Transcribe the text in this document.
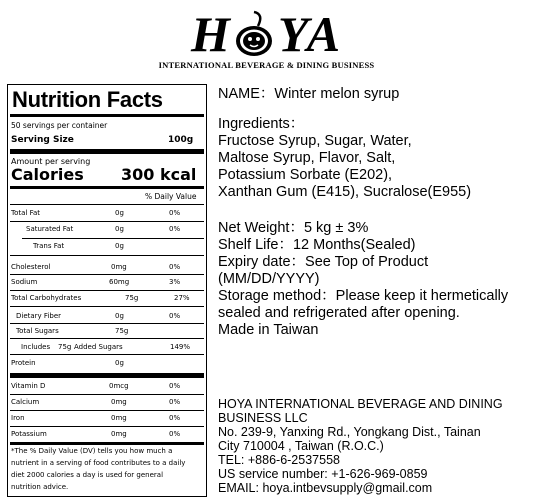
H YA
INTERNATIONAL BEVERAGE & DINING BUSINESS
Nutrition Facts
50 servings per container
Serving Size	100g
Amount per serving
Calories 300 kcal
% Daily Value
Total Fat	0g	0%
Saturated Fat	0g	0%
Trans Fat	0g
Cholesterol	0mg	0%
Sodium	60mg	3%
Total Carbohydrates	75g	27%
Dietary Fiber	0g	0%
Total Sugars	75g
Includes 75g Added Sugars	149%
Protein	0g
Vitamin D	0mcg	0%
Calcium	0mg	0%
Iron	0mg	0%
Potassium	0mg	0%
*The % Daily Value (DV) tells you how much a
nutrient in a serving of food contributes to a daily
diet 2000 calories a day is used for general
nutrition advice.
NAME：Winter melon syrup
Ingredients：
Fructose Syrup, Sugar, Water,
Maltose Syrup, Flavor, Salt,
Potassium Sorbate (E202),
Xanthan Gum (E415), Sucralose(E955)
Net Weight：5 kg ± 3%
Shelf Life：12 Months(Sealed)
Expiry date：See Top of Product
(MM/DD/YYYY)
Storage method：Please keep it hermetically
sealed and refrigerated after opening.
Made in Taiwan
HOYA INTERNATIONAL BEVERAGE AND DINING
BUSINESS LLC
No. 239-9, Yanxing Rd., Yongkang Dist., Tainan
City 710004 , Taiwan (R.O.C.)
TEL: +886-6-2537558
US service number: +1-626-969-0859
EMAIL: hoya.intbevsupply@gmail.com
